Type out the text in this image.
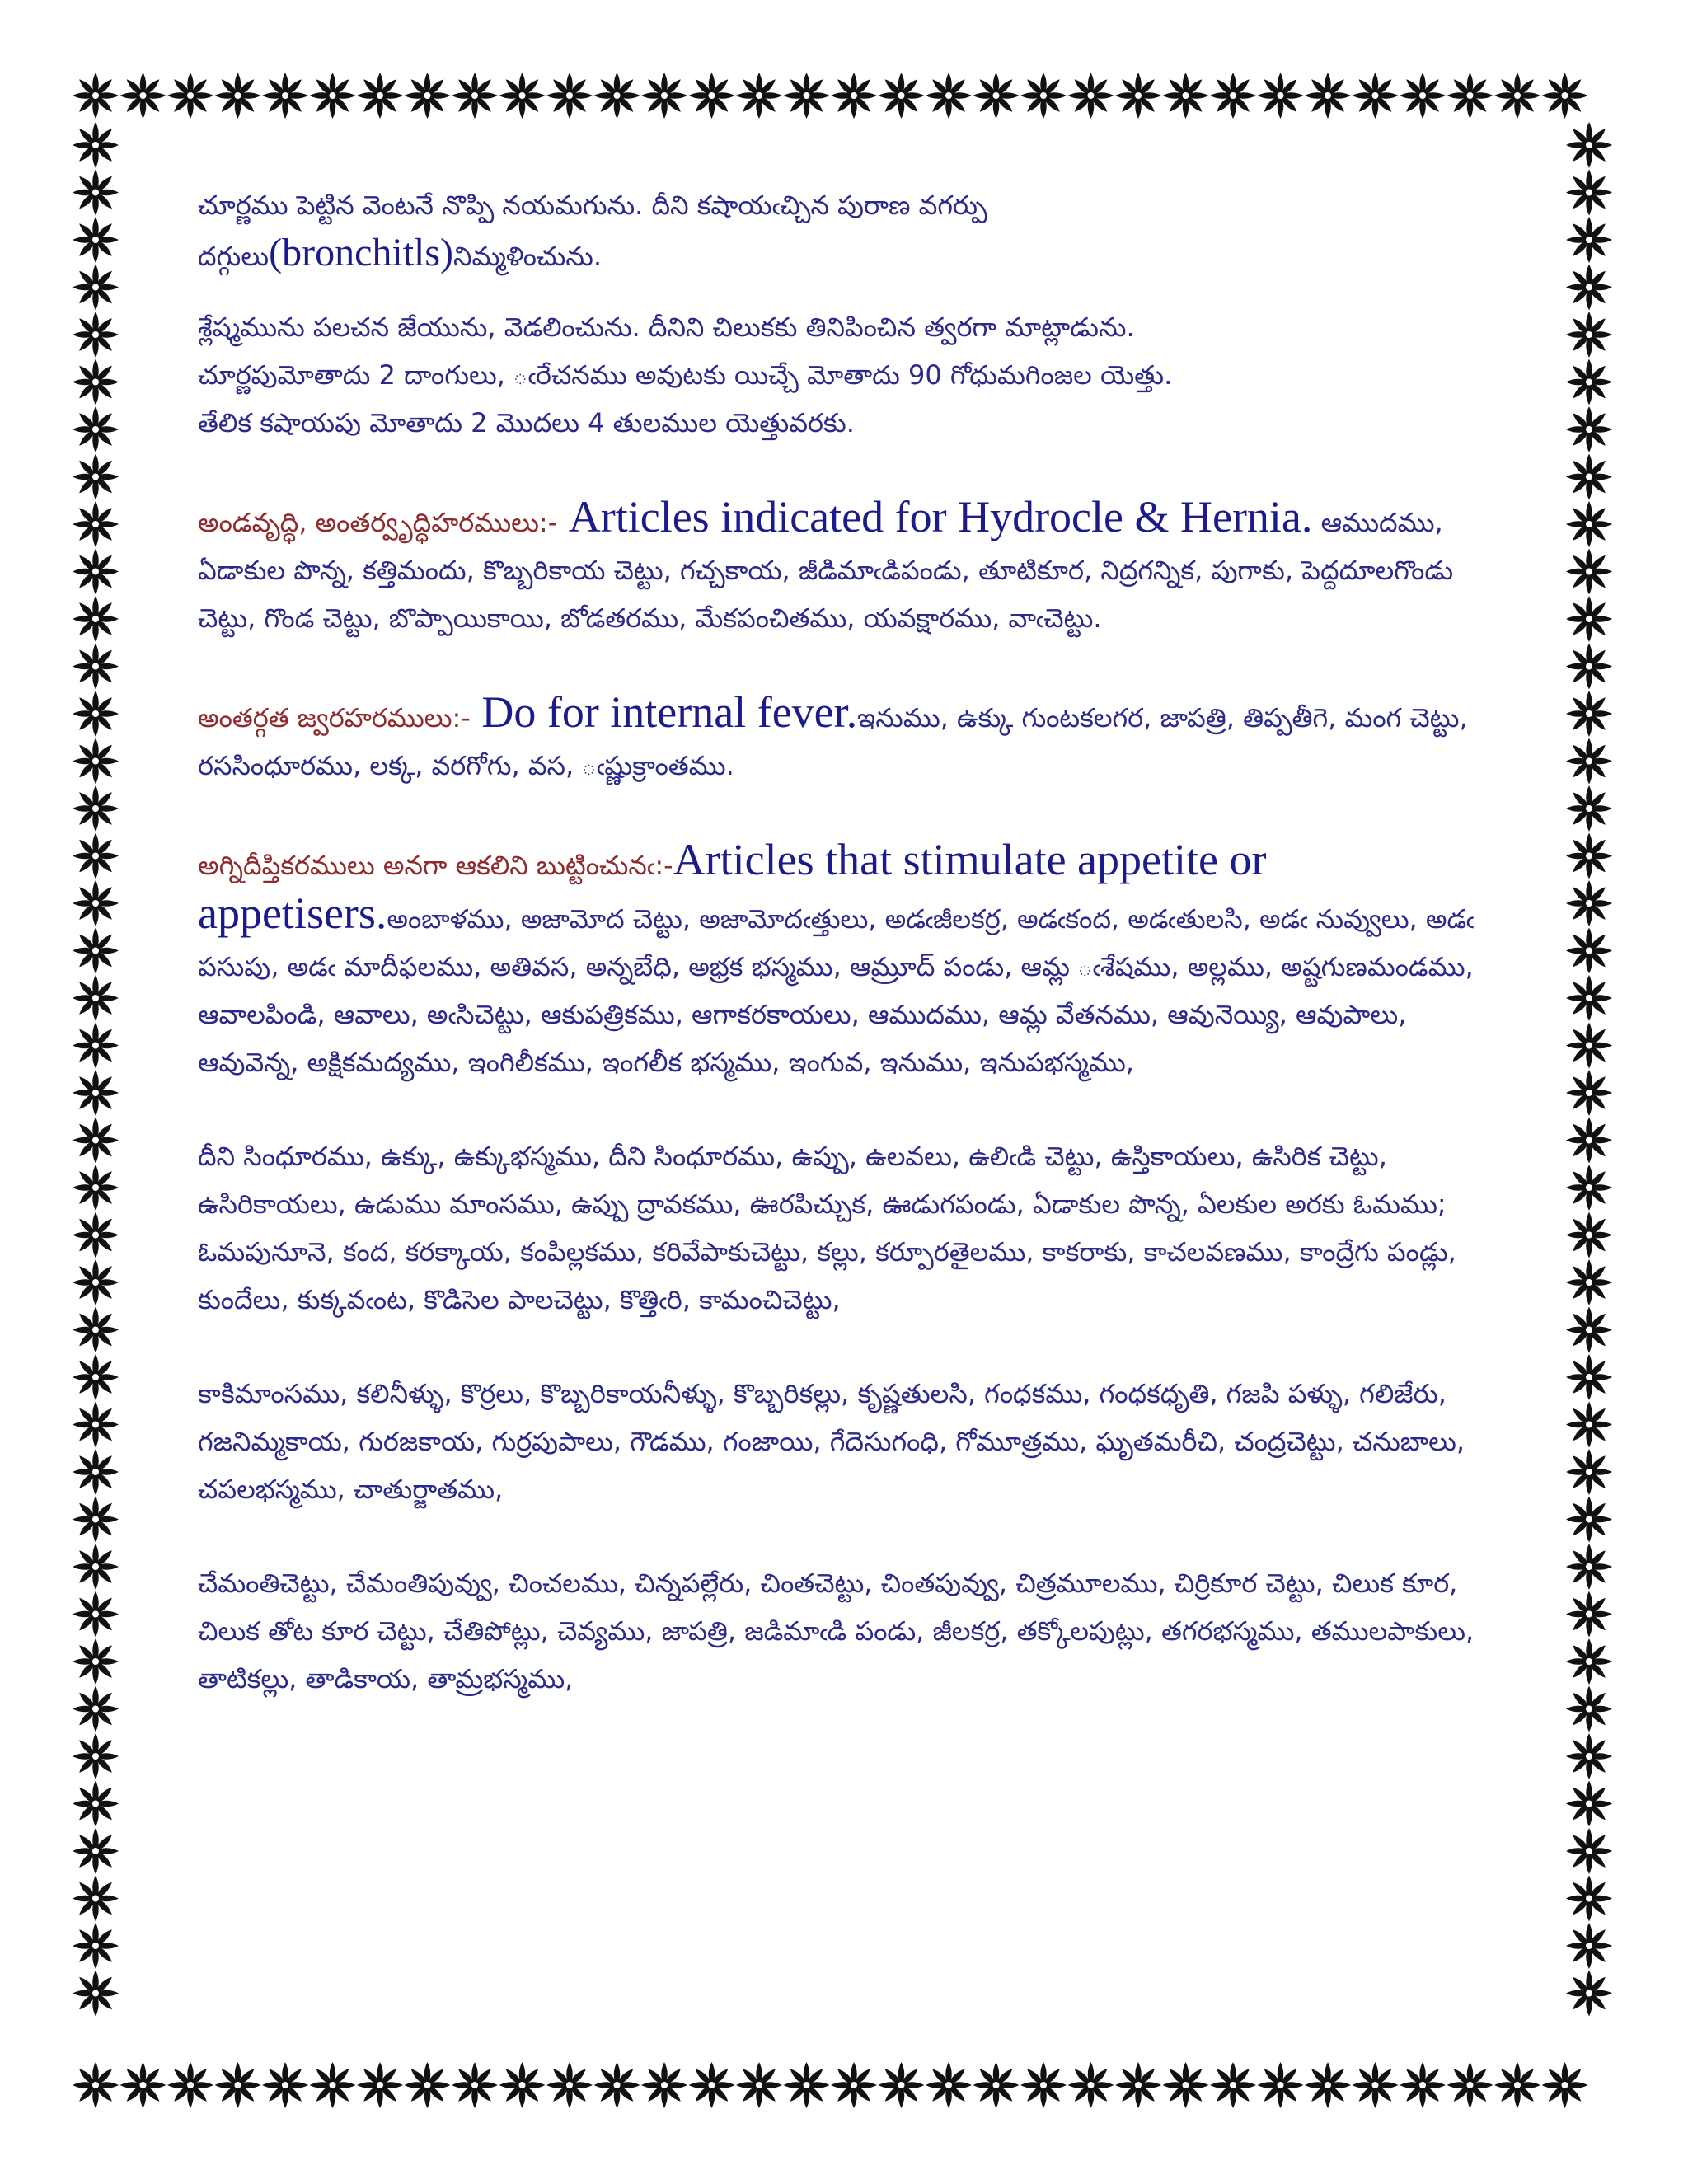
చూర్ణము పెట్టిన వెంటనే నొప్పి నయమగును. దీని కషాయఁచ్చిన పురాణ వగర్పు
దగ్గులు(bronchitls)నిమ్మళించును.

శ్లేష్మమును పలచన జేయును, వెడలించును. దీనిని చిలుకకు తినిపించిన త్వరగా మాట్లాడును.
చూర్ణపుమోతాదు 2 దాంగులు, ఁరేచనము అవుటకు యిచ్చే మోతాదు 90 గోధుమగింజల యెత్తు.
తేలిక కషాయపు మోతాదు 2 మొదలు 4 తులముల యెత్తువరకు.

అండవృద్ధి, అంతర్వృద్ధిహరములు:- Articles indicated for Hydrocle & Hernia. ఆముదము, ఏడాకుల పొన్న, కత్తిమందు, కొబ్బరికాయ చెట్టు, గచ్చకాయ, జీడిమాఁడిపండు, తూటికూర, నిద్రగన్నిక, పుగాకు, పెద్దదూలగొండు చెట్టు, గొండ చెట్టు, బొప్పాయికాయి, బోడతరము, మేకపంచితము, యవక్షారము, వాఁచెట్టు.

అంతర్గత జ్వరహరములు:- Do for internal fever.ఇనుము, ఉక్కు గుంటకలగర, జాపత్రి, తిప్పతీగె, మంగ చెట్టు, రససింధూరము, లక్క, వరగోగు, వస, ఁష్ణుక్రాంతము.

అగ్నిదీప్తికరములు అనగా ఆకలిని బుట్టించునఁ:-Articles that stimulate appetite or appetisers.అంబాళము, అజామోద చెట్టు, అజామోదఁత్తులు, అడఁజీలకర్ర, అడఁకంద, అడఁతులసి, అడఁ నువ్వులు, అడఁ పసుపు, అడఁ మాదీఫలము, అతివస, అన్నబేధి, అభ్రక భస్మము, ఆమ్రూద్ పండు, ఆమ్ల ఁశేషము, అల్లము, అష్టగుణమండము, ఆవాలపిండి, ఆవాలు, అఁసిచెట్టు, ఆకుపత్రికము, ఆగాకరకాయలు, ఆముదము, ఆమ్ల వేతనము, ఆవునెయ్యి, ఆవుపాలు, ఆవువెన్న, అక్షికమద్యము, ఇంగిలీకము, ఇంగలీక భస్మము, ఇంగువ, ఇనుము, ఇనుపభస్మము,

దీని సింధూరము, ఉక్కు, ఉక్కుభస్మము, దీని సింధూరము, ఉప్పు, ఉలవలు, ఉలిఁడి చెట్టు, ఉస్తికాయలు, ఉసిరిక చెట్టు, ఉసిరికాయలు, ఉడుము మాంసము, ఉప్పు ద్రావకము, ఊరపిచ్చుక, ఊడుగపండు, ఏడాకుల పొన్న, ఏలకుల అరకు ఓమము; ఓమపునూనె, కంద, కరక్కాయ, కంపిల్లకము, కరివేపాకుచెట్టు, కల్లు, కర్పూరతైలము, కాకరాకు, కాచలవణము, కాంద్రేగు పండ్లు, కుందేలు, కుక్కవఁంట, కొడిసెల పాలచెట్టు, కొత్తిఁరి, కామంచిచెట్టు,

కాకిమాంసము, కలినీళ్ళు, కొర్రలు, కొబ్బరికాయనీళ్ళు, కొబ్బరికల్లు, కృష్ణతులసి, గంధకము, గంధకధృతి, గజపి పళ్ళు, గలిజేరు, గజనిమ్మకాయ, గురజకాయ, గుర్రపుపాలు, గౌడము, గంజాయి, గేదెసుగంధి, గోమూత్రము, ఘృతమరీచి, చంద్రచెట్టు, చనుబాలు, చపలభస్మము, చాతుర్జాతము,

చేమంతిచెట్టు, చేమంతిపువ్వు, చించలము, చిన్నపల్లేరు, చింతచెట్టు, చింతపువ్వు, చిత్రమూలము, చిర్రికూర చెట్టు, చిలుక కూర, చిలుక తోట కూర చెట్టు, చేతిపోట్లు, చెవ్యము, జాపత్రి, జడిమాఁడి పండు, జీలకర్ర, తక్కోలపుట్లు, తగరభస్మము, తములపాకులు, తాటికల్లు, తాడికాయ, తామ్రభస్మము,
